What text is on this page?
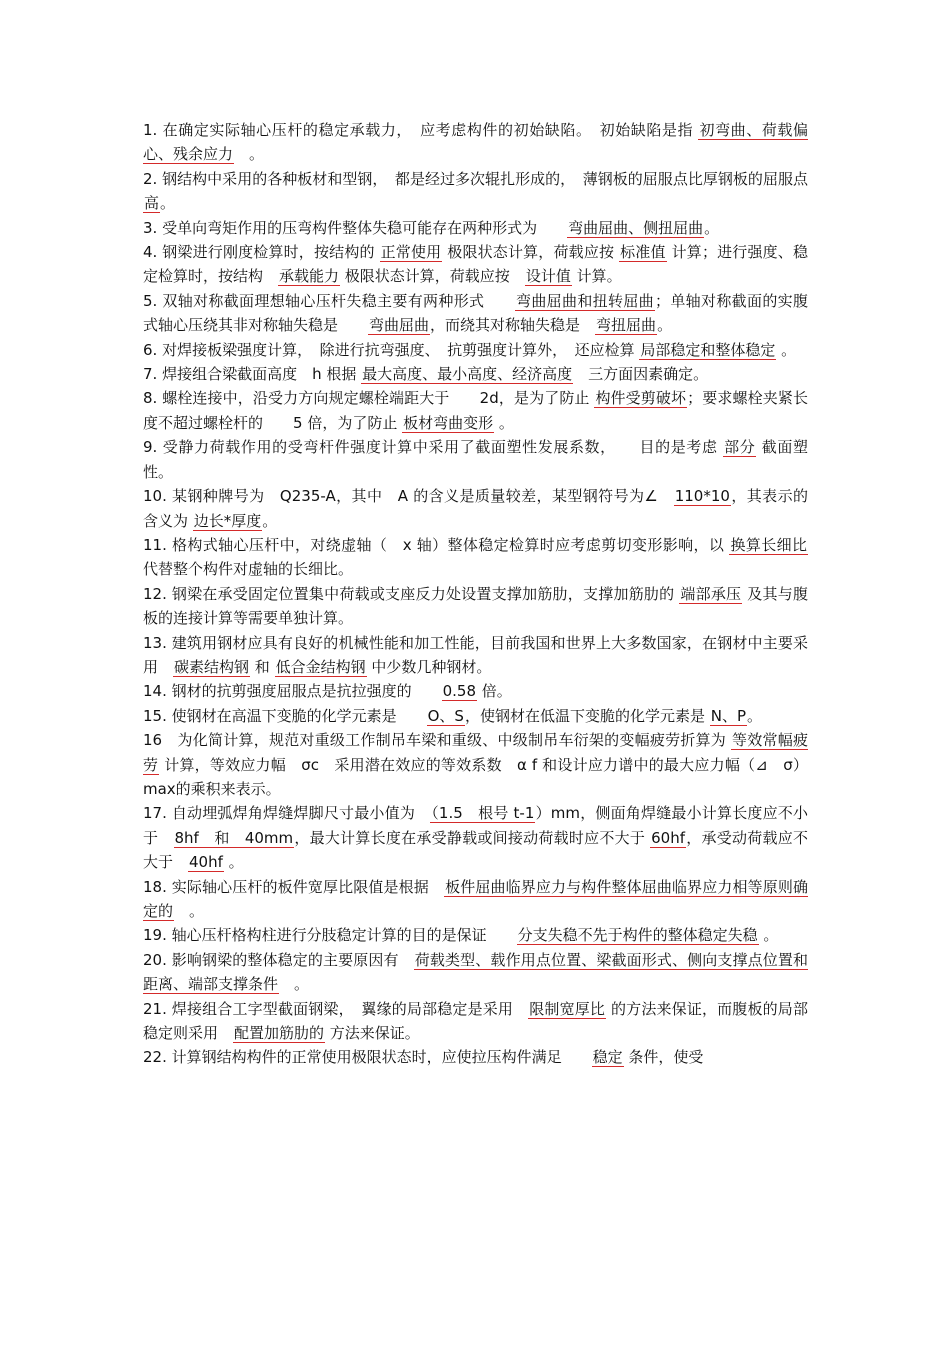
1. 在确定实际轴心压杆的稳定承载力，　应考虑构件的初始缺陷。　初始缺陷是指 初弯曲、荷载偏心、残余应力　。

2. 钢结构中采用的各种板材和型钢，　都是经过多次辊扎形成的，　薄钢板的屈服点比厚钢板的屈服点 高。

3. 受单向弯矩作用的压弯构件整体失稳可能存在两种形式为　　弯曲屈曲、侧扭屈曲。

4. 钢梁进行刚度检算时，按结构的 正常使用 极限状态计算，荷载应按 标准值 计算；进行强度、稳定检算时，按结构　承载能力 极限状态计算，荷载应按　设计值 计算。

5. 双轴对称截面理想轴心压杆失稳主要有两种形式　　弯曲屈曲和扭转屈曲；单轴对称截面的实腹式轴心压绕其非对称轴失稳是　　弯曲屈曲，而绕其对称轴失稳是　弯扭屈曲。

6. 对焊接板梁强度计算，　除进行抗弯强度、　抗剪强度计算外，　还应检算 局部稳定和整体稳定 。

7. 焊接组合梁截面高度　h 根据 最大高度、最小高度、经济高度　三方面因素确定。

8. 螺栓连接中，沿受力方向规定螺栓端距大于　　2d，是为了防止 构件受剪破坏；要求螺栓夹紧长度不超过螺栓杆的　　5 倍，为了防止 板材弯曲变形 。

9. 受静力荷载作用的受弯杆件强度计算中采用了截面塑性发展系数，　　目的是考虑 部分 截面塑性。

10. 某钢种牌号为　Q235-A，其中　A 的含义是质量较差，某型钢符号为∠　110*10，其表示的含义为 边长*厚度。

11. 格构式轴心压杆中，对绕虚轴（　x 轴）整体稳定检算时应考虑剪切变形影响，以 换算长细比 代替整个构件对虚轴的长细比。

12. 钢梁在承受固定位置集中荷载或支座反力处设置支撑加筋肋，支撑加筋肋的 端部承压 及其与腹板的连接计算等需要单独计算。

13. 建筑用钢材应具有良好的机械性能和加工性能，目前我国和世界上大多数国家，在钢材中主要采用　碳素结构钢 和 低合金结构钢 中少数几种钢材。

14. 钢材的抗剪强度屈服点是抗拉强度的　　0.58 倍。

15. 使钢材在高温下变脆的化学元素是　　O、S，使钢材在低温下变脆的化学元素是 N、P。

16　为化简计算，规范对重级工作制吊车梁和重级、中级制吊车衍架的变幅疲劳折算为 等效常幅疲劳 计算，等效应力幅　σc　采用潜在效应的等效系数　α f 和设计应力谱中的最大应力幅（⊿　σ）max的乘积来表示。

17. 自动埋弧焊角焊缝焊脚尺寸最小值为　（1.5　根号 t-1）mm，侧面角焊缝最小计算长度应不小于　8hf　和　40mm，最大计算长度在承受静载或间接动荷载时应不大于 60hf，承受动荷载应不大于　40hf 。

18. 实际轴心压杆的板件宽厚比限值是根据　板件屈曲临界应力与构件整体屈曲临界应力相等原则确定的　。

19. 轴心压杆格构柱进行分肢稳定计算的目的是保证　　分支失稳不先于构件的整体稳定失稳 。

20. 影响钢梁的整体稳定的主要原因有　荷载类型、载作用点位置、梁截面形式、侧向支撑点位置和距离、端部支撑条件　。

21. 焊接组合工字型截面钢梁，　翼缘的局部稳定是采用　限制宽厚比 的方法来保证，而腹板的局部稳定则采用　配置加筋肋的 方法来保证。

22. 计算钢结构构件的正常使用极限状态时，应使拉压构件满足　　稳定 条件，使受
